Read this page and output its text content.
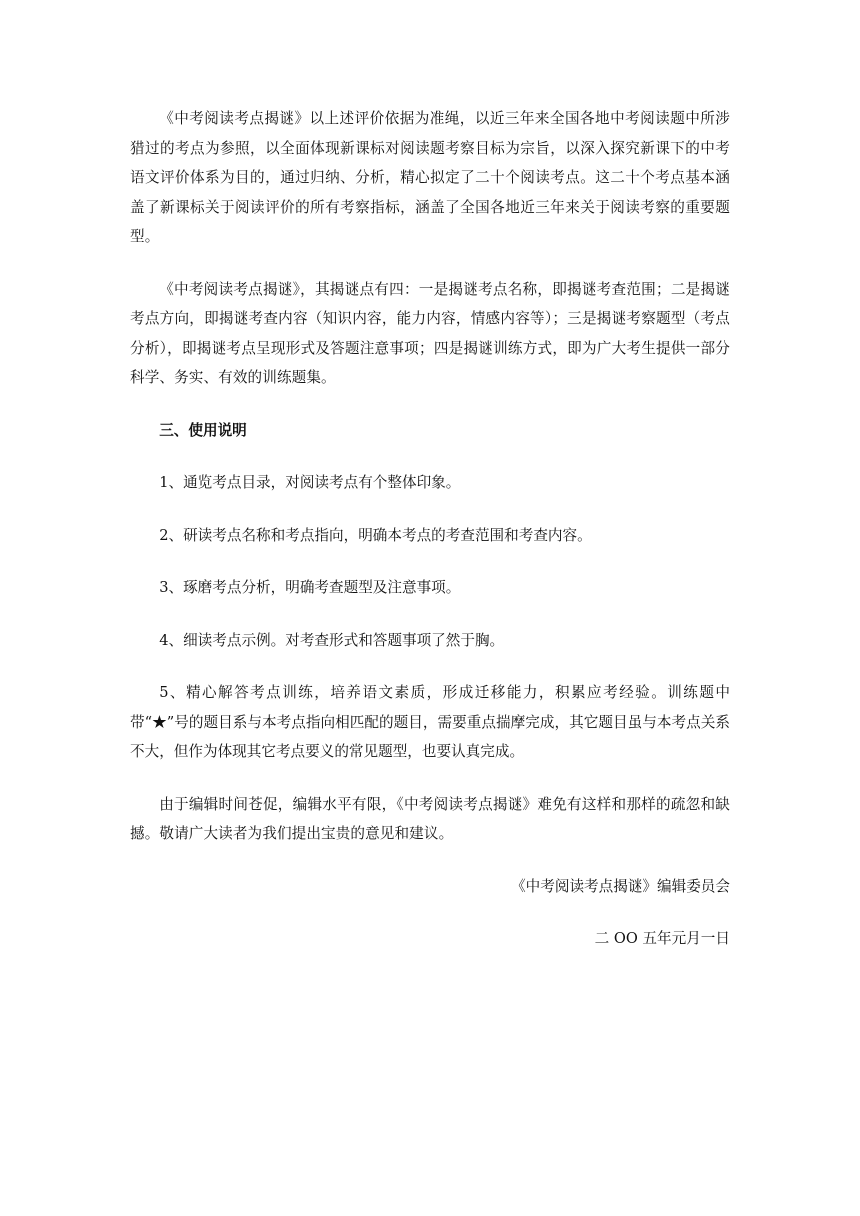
《中考阅读考点揭谜》以上述评价依据为准绳，以近三年来全国各地中考阅读题中所涉猎过的考点为参照，以全面体现新课标对阅读题考察目标为宗旨，以深入探究新课下的中考语文评价体系为目的，通过归纳、分析，精心拟定了二十个阅读考点。这二十个考点基本涵盖了新课标关于阅读评价的所有考察指标，涵盖了全国各地近三年来关于阅读考察的重要题型。

《中考阅读考点揭谜》，其揭谜点有四：一是揭谜考点名称，即揭谜考查范围；二是揭谜考点方向，即揭谜考查内容（知识内容，能力内容，情感内容等）；三是揭谜考察题型（考点分析），即揭谜考点呈现形式及答题注意事项；四是揭谜训练方式，即为广大考生提供一部分科学、务实、有效的训练题集。

三、使用说明

1、通览考点目录，对阅读考点有个整体印象。

2、研读考点名称和考点指向，明确本考点的考查范围和考查内容。

3、琢磨考点分析，明确考查题型及注意事项。

4、细读考点示例。对考查形式和答题事项了然于胸。

5、精心解答考点训练，培养语文素质，形成迁移能力，积累应考经验。训练题中带“★”号的题目系与本考点指向相匹配的题目，需要重点揣摩完成，其它题目虽与本考点关系不大，但作为体现其它考点要义的常见题型，也要认真完成。

由于编辑时间苍促，编辑水平有限，《中考阅读考点揭谜》难免有这样和那样的疏忽和缺撼。敬请广大读者为我们提出宝贵的意见和建议。

《中考阅读考点揭谜》编辑委员会

二 OO 五年元月一日
